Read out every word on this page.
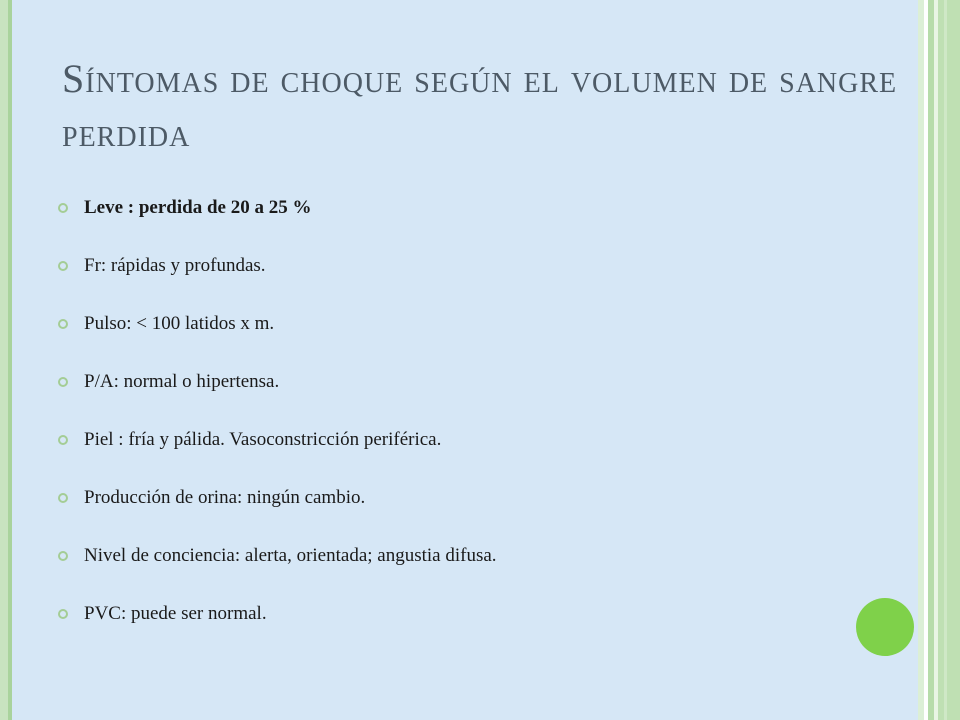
Síntomas de choque según el volumen de sangre perdida
Leve : perdida de 20 a 25 %
Fr: rápidas y profundas.
Pulso: < 100 latidos x m.
P/A: normal o hipertensa.
Piel : fría y pálida. Vasoconstricción periférica.
Producción de orina: ningún cambio.
Nivel de conciencia: alerta, orientada; angustia difusa.
PVC: puede ser normal.
